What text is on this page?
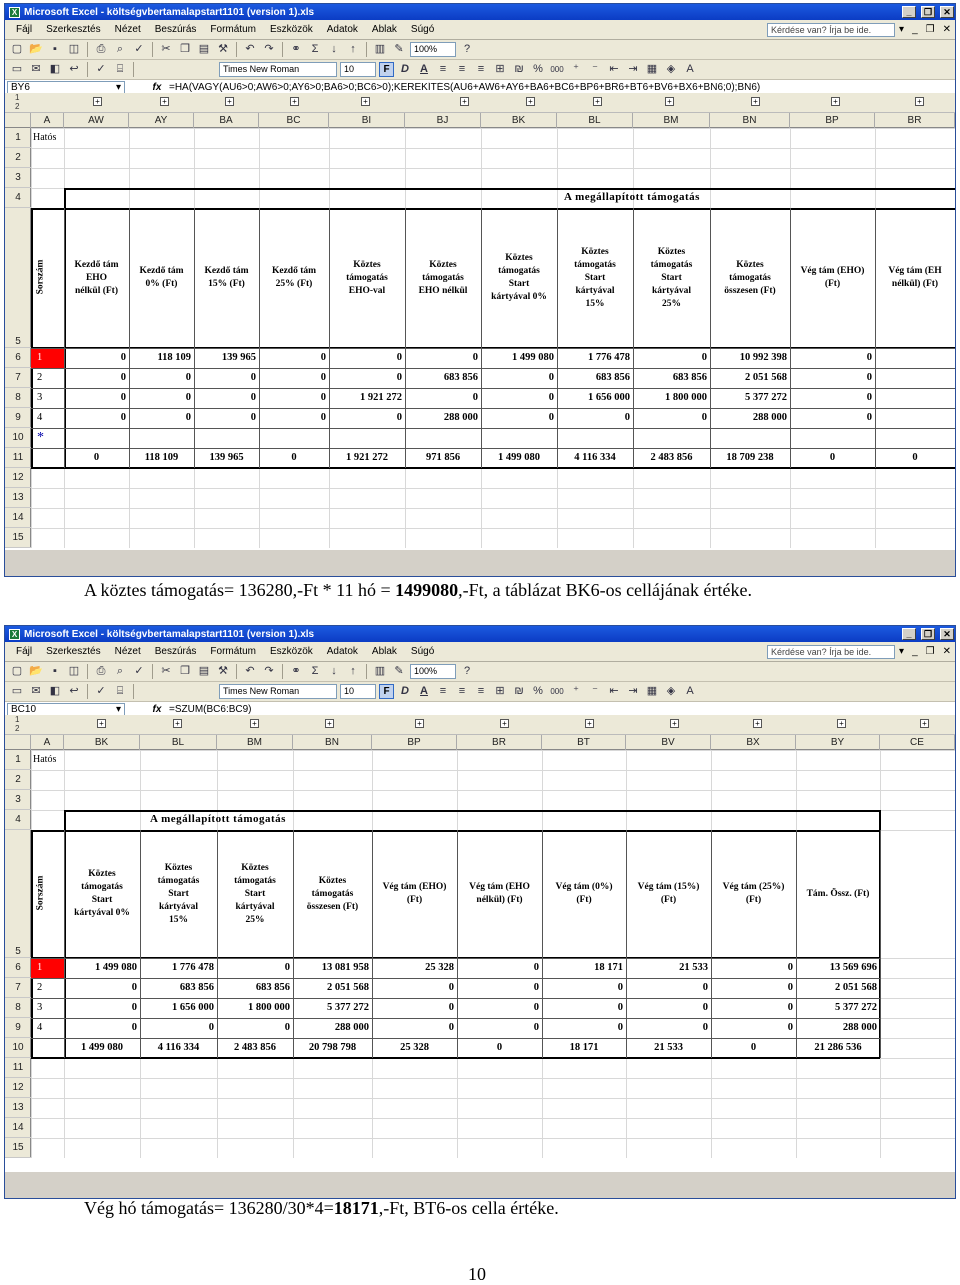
X Microsoft Excel - költségvbertamalapstart1101 (version 1).xls	_	❐	✕
Fájl	Szerkesztés	Nézet	Beszúrás	Formátum	Eszközök	Adatok	Ablak	Súgó	Kérdése van? Írja be ide.	▾ _ ❐ ✕
▢ 📂 ▪	◫	⎙	⌕	✓	✂ ❐ ▤ ⚒	↶ ↷	⚭ Σ	↓	↑	▥ ✎	100%	?
▭ ✉ ◧ ↩	✓	⌸	Times New Roman	10	F	D	A	≡	≡	≡	⊞ ₪ % 000 ⁺	⁻	⇤ ⇥ ▦ ◈	A
BY6	▾	fx =HA(VAGY(AU6>0;AW6>0;AY6>0;BA6>0;BC6>0);KEREKÍTÉS(AU6+AW6+AY6+BA6+BC6+BP6+BR6+BT6+BV6+BX6+BN6;0);BN6)
1
2
+	+	+	+	+	+	+	+	+	+	+	+
A	AW	AY	BA	BC	BI	BJ	BK	BL	BM	BN	BP	BR
1
2
3
4
5
6
7
8
9
10
11
12
13
14
15
Hatós
A megállapított támogatás
Sorszám	Kezdő tám
EHO
nélkül (Ft)
Kezdő tám
0% (Ft)
Kezdő tám
15% (Ft)
Kezdő tám
25% (Ft)
Köztes
támogatás
EHO-val
Köztes
támogatás
EHO nélkül
Köztes
támogatás
Start
kártyával 0%
Köztes
támogatás
Start
kártyával
15%
Köztes
támogatás
Start
kártyával
25%
Köztes
támogatás
összesen (Ft)
Vég tám (EHO)
(Ft)
Vég tám (EH
nélkül) (Ft)
1	0	118 109	139 965	0	0	0	1 499 080	1 776 478	0	10 992 398	0
2	0	0	0	0	0	683 856	0	683 856	683 856	2 051 568	0
3	0	0	0	0	1 921 272	0	0	1 656 000	1 800 000	5 377 272	0
4	0	0	0	0	0	288 000	0	0	0	288 000	0
*
0	118 109	139 965	0	1 921 272	971 856	1 499 080	4 116 334	2 483 856	18 709 238	0	0
A köztes támogatás= 136280,-Ft * 11 hó = 1499080,-Ft, a táblázat BK6-os cellájának értéke.
X Microsoft Excel - költségvbertamalapstart1101 (version 1).xls	_	❐	✕
Fájl	Szerkesztés	Nézet	Beszúrás	Formátum	Eszközök	Adatok	Ablak	Súgó	Kérdése van? Írja be ide.	▾ _ ❐ ✕
▢ 📂 ▪	◫	⎙	⌕	✓	✂ ❐ ▤ ⚒	↶ ↷	⚭ Σ	↓	↑	▥ ✎	100%	?
▭ ✉ ◧ ↩	✓	⌸	Times New Roman	10	F	D	A	≡	≡	≡	⊞ ₪ % 000 ⁺	⁻	⇤ ⇥ ▦ ◈	A
BC10	▾	fx =SZUM(BC6:BC9)
1
2
+	+	+	+	+	+	+	+	+	+	+
A	BK	BL	BM	BN	BP	BR	BT	BV	BX	BY	CE
1
2
3
4
5
6
7
8
9
10
11
12
13
14
15
Hatós
A megállapított támogatás
Sorszám
Köztes
támogatás
Start
kártyával 0%
Köztes
támogatás
Start
kártyával
15%
Köztes
támogatás
Start
kártyával
25%
Köztes
támogatás
összesen (Ft)
Vég tám (EHO)
(Ft)
Vég tám (EHO
nélkül) (Ft)
Vég tám (0%)
(Ft)
Vég tám (15%)
(Ft)
Vég tám (25%)
(Ft)
Tám. Össz. (Ft)
1	1 499 080	1 776 478	0	13 081 958	25 328	0	18 171	21 533	0	13 569 696
2	0	683 856	683 856	2 051 568	0	0	0	0	0	2 051 568
3	0	1 656 000	1 800 000	5 377 272	0	0	0	0	0	5 377 272
4	0	0	0	288 000	0	0	0	0	0	288 000
1 499 080	4 116 334	2 483 856	20 798 798	25 328	0	18 171	21 533	0	21 286 536
Vég hó támogatás= 136280/30*4=18171,-Ft, BT6-os cella értéke.
10
